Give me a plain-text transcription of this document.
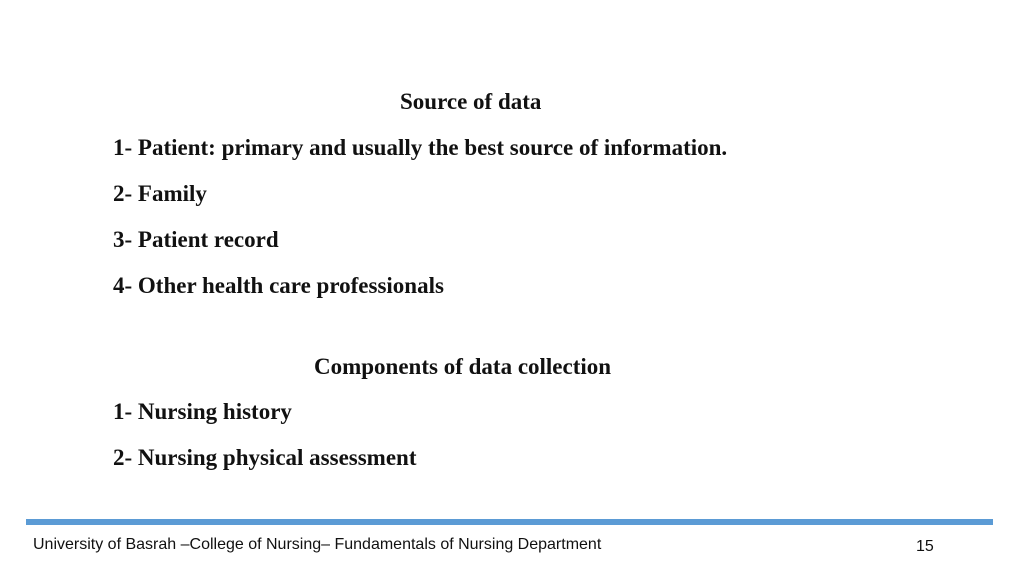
Source of data
1- Patient: primary and usually the best source of information.
2- Family
3- Patient record
4- Other health care professionals
Components of data collection
1- Nursing history
2- Nursing physical assessment
University of Basrah –College of Nursing– Fundamentals of Nursing Department	15
